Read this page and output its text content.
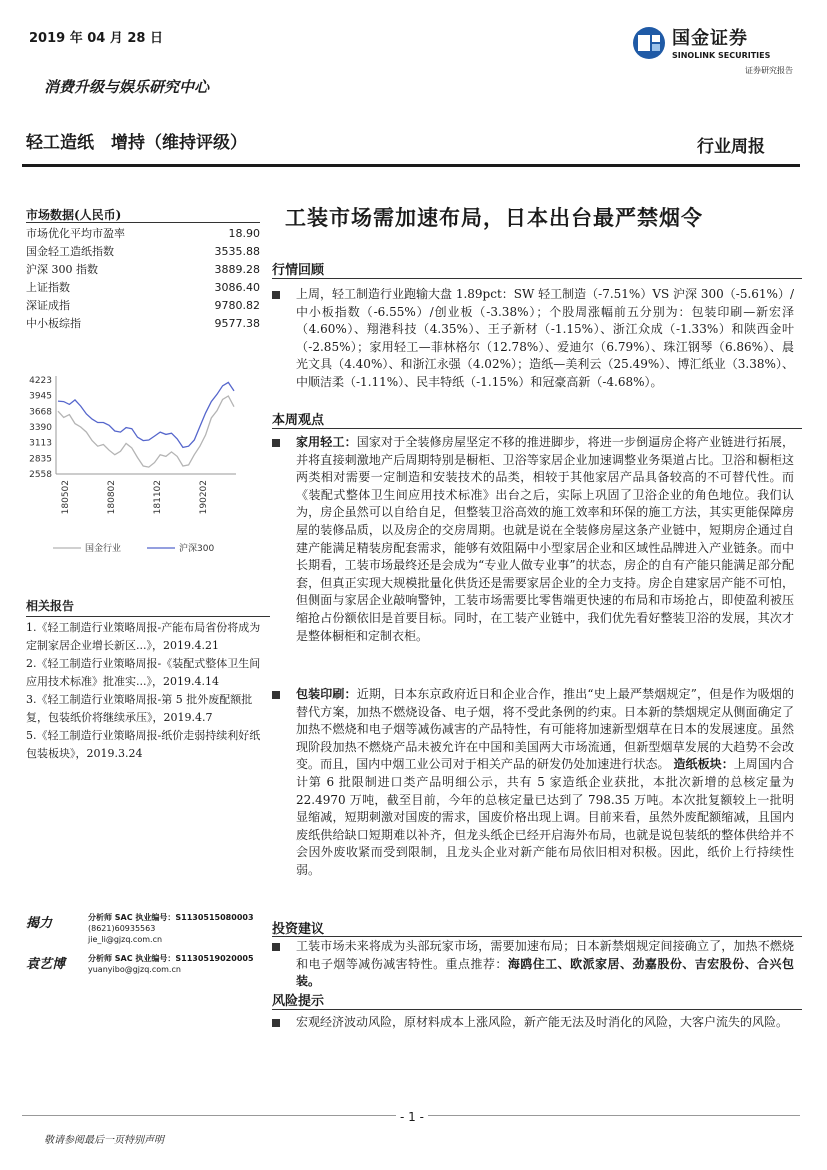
2019 年 04 月 28 日
消费升级与娱乐研究中心
轻工造纸　增持（维持评级）	行业周报
国金证券
SINOLINK SECURITIES
证券研究报告
市场数据(人民币)
市场优化平均市盈率	18.90
国金轻工造纸指数	3535.88
沪深 300 指数	3889.28
上证指数	3086.40
深证成指	9780.82
中小板综指	9577.38
4223
3945
3668
3390
3113
2835
2558
180502	180802	181102	190202
国金行业	沪深300
相关报告
1.《轻工制造行业策略周报-产能布局省份将成为定制家居企业增长新区...》，2019.4.21
2.《轻工制造行业策略周报-《装配式整体卫生间应用技术标准》批准实...》，2019.4.14
3.《轻工制造行业策略周报-第 5 批外废配额批复，包装纸价将继续承压》，2019.4.7
5.《轻工制造行业策略周报-纸价走弱持续利好纸包装板块》，2019.3.24
揭力	分析师 SAC 执业编号：S1130515080003
(8621)60935563
jie_li@gjzq.com.cn
袁艺博	分析师 SAC 执业编号：S1130519020005
yuanyibo@gjzq.com.cn
工装市场需加速布局，日本出台最严禁烟令
行情回顾
上周，轻工制造行业跑输大盘 1.89pct：SW 轻工制造（-7.51%）VS 沪深 300（-5.61%）/中小板指数（-6.55%）/创业板（-3.38%）；个股周涨幅前五分别为：包装印刷—新宏泽（4.60%）、翔港科技（4.35%）、王子新材（-1.15%）、浙江众成（-1.33%）和陕西金叶（-2.85%）；家用轻工—菲林格尔（12.78%）、爱迪尔（6.79%）、珠江钢琴（6.86%）、晨光文具（4.40%）、和浙江永强（4.02%）；造纸—美利云（25.49%）、博汇纸业（3.38%）、中顺洁柔（-1.11%）、民丰特纸（-1.15%）和冠豪高新（-4.68%）。
本周观点
家用轻工：国家对于全装修房屋坚定不移的推进脚步，将进一步倒逼房企将产业链进行拓展，并将直接刺激地产后周期特别是橱柜、卫浴等家居企业加速调整业务渠道占比。卫浴和橱柜这两类相对需要一定制造和安装技术的品类，相较于其他家居产品具备较高的不可替代性。而《装配式整体卫生间应用技术标准》出台之后，实际上巩固了卫浴企业的角色地位。我们认为，房企虽然可以自给自足，但整装卫浴高效的施工效率和环保的施工方法，其实更能保障房屋的装修品质，以及房企的交房周期。也就是说在全装修房屋这条产业链中，短期房企通过自建产能满足精装房配套需求，能够有效阻隔中小型家居企业和区域性品牌进入产业链条。而中长期看，工装市场最终还是会成为“专业人做专业事”的状态，房企的自有产能只能满足部分配套，但真正实现大规模批量化供货还是需要家居企业的全力支持。房企自建家居产能不可怕，但侧面与家居企业敲响警钟，工装市场需要比零售端更快速的布局和市场抢占，即使盈利被压缩抢占份额依旧是首要目标。同时，在工装产业链中，我们优先看好整装卫浴的发展，其次才是整体橱柜和定制衣柜。
包装印刷：近期，日本东京政府近日和企业合作，推出“史上最严禁烟规定”，但是作为吸烟的替代方案，加热不燃烧设备、电子烟，将不受此条例的约束。日本新的禁烟规定从侧面确定了加热不燃烧和电子烟等减伤减害的产品特性，有可能将加速新型烟草在日本的发展速度。虽然现阶段加热不燃烧产品未被允许在中国和美国两大市场流通，但新型烟草发展的大趋势不会改变。而且，国内中烟工业公司对于相关产品的研发仍处加速进行状态。 造纸板块：上周国内合计第 6 批限制进口类产品明细公示，共有 5 家造纸企业获批，本批次新增的总核定量为 22.4970 万吨，截至目前，今年的总核定量已达到了 798.35 万吨。本次批复额较上一批明显缩减，短期刺激对国废的需求，国废价格出现上调。目前来看，虽然外废配额缩减，且国内废纸供给缺口短期难以补齐，但龙头纸企已经开启海外布局，也就是说包装纸的整体供给并不会因外废收紧而受到限制，且龙头企业对新产能布局依旧相对积极。因此，纸价上行持续性弱。
投资建议
工装市场未来将成为头部玩家市场，需要加速布局；日本新禁烟规定间接确立了，加热不燃烧和电子烟等减伤减害特性。重点推荐：海鸥住工、欧派家居、劲嘉股份、吉宏股份、合兴包装。
风险提示
宏观经济波动风险，原材料成本上涨风险，新产能无法及时消化的风险，大客户流失的风险。
- 1 -
敬请参阅最后一页特别声明
